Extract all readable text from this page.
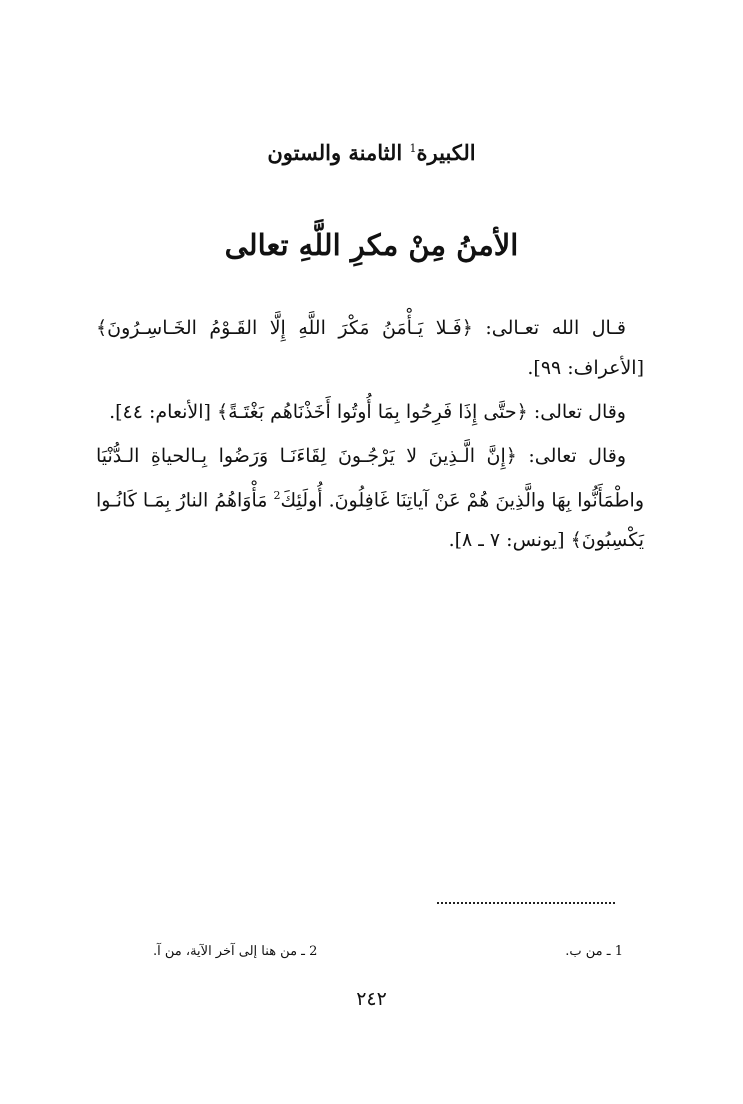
الكبيرة$^1$ الثامنة والستون
الأمنُ مِنْ مكرِ اللَّهِ تعالى

قـال الله تعـالى: ﴿فَـلا يَـأْمَنُ مَكْرَ اللَّهِ إِلَّا القَـوْمُ الخَـاسِـرُونَ﴾ [الأعراف: ٩٩].

وقال تعالى: ﴿حتَّى إِذَا فَرِحُوا بِمَا أُوتُوا أَخَذْنَاهُم بَغْتَـةً﴾ [الأنعام: ٤٤].

وقال تعالى: ﴿إِنَّ الَّـذِينَ لا يَرْجُـونَ لِقَاءَنَـا وَرَضُوا بِـالحياةِ الـدُّنْيَا واطْمَأَنُّوا بِهَا والَّذِينَ هُمْ عَنْ آياتِنَا غَافِلُونَ. أُولَئِكَ$^2$ مَأْوَاهُمُ النارُ بِمَـا كَانُـوا يَكْسِبُونَ﴾ [يونس: ٧ ـ ٨].

1 ـ من ب.
2 ـ من هنا إلى آخر الآية، من آ.
٢٤٢
